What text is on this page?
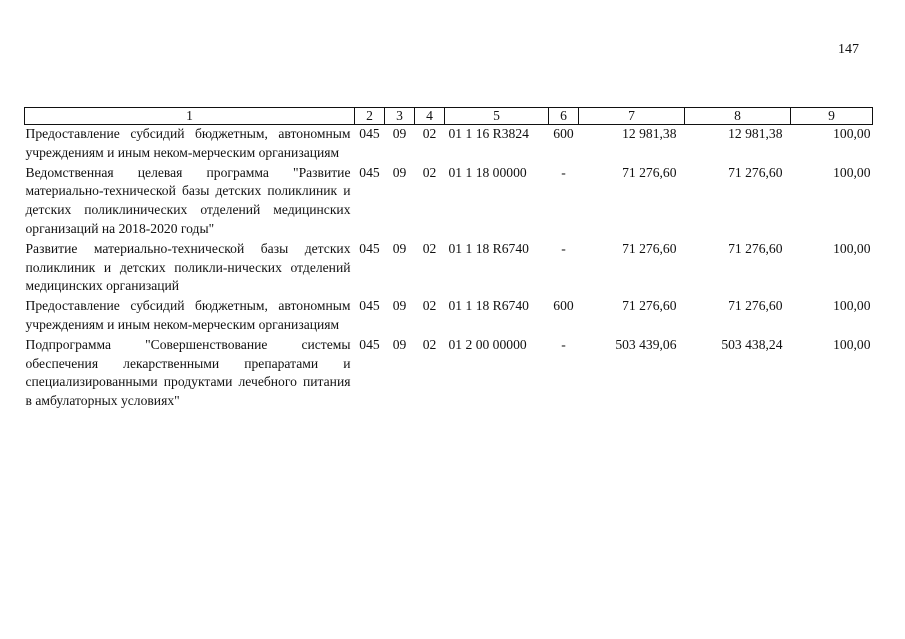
147
1	2	3	4	5	6	7	8	9
Предоставление субсидий бюджетным, автономным учреждениям и иным неком-мерческим организациям	045	09	02	01 1 16 R3824	600	12 981,38	12 981,38	100,00
Ведомственная целевая программа "Развитие материально-технической базы детских поликлиник и детских поликлинических отделений медицинских организаций на 2018-2020 годы"	045	09	02	01 1 18 00000	-	71 276,60	71 276,60	100,00
Развитие материально-технической базы детских поликлиник и детских поликли-нических отделений медицинских организаций	045	09	02	01 1 18 R6740	-	71 276,60	71 276,60	100,00
Предоставление субсидий бюджетным, автономным учреждениям и иным неком-мерческим организациям	045	09	02	01 1 18 R6740	600	71 276,60	71 276,60	100,00
Подпрограмма "Совершенствование системы обеспечения лекарственными препаратами и специализированными продуктами лечебного питания в амбулаторных условиях"	045	09	02	01 2 00 00000	-	503 439,06	503 438,24	100,00
